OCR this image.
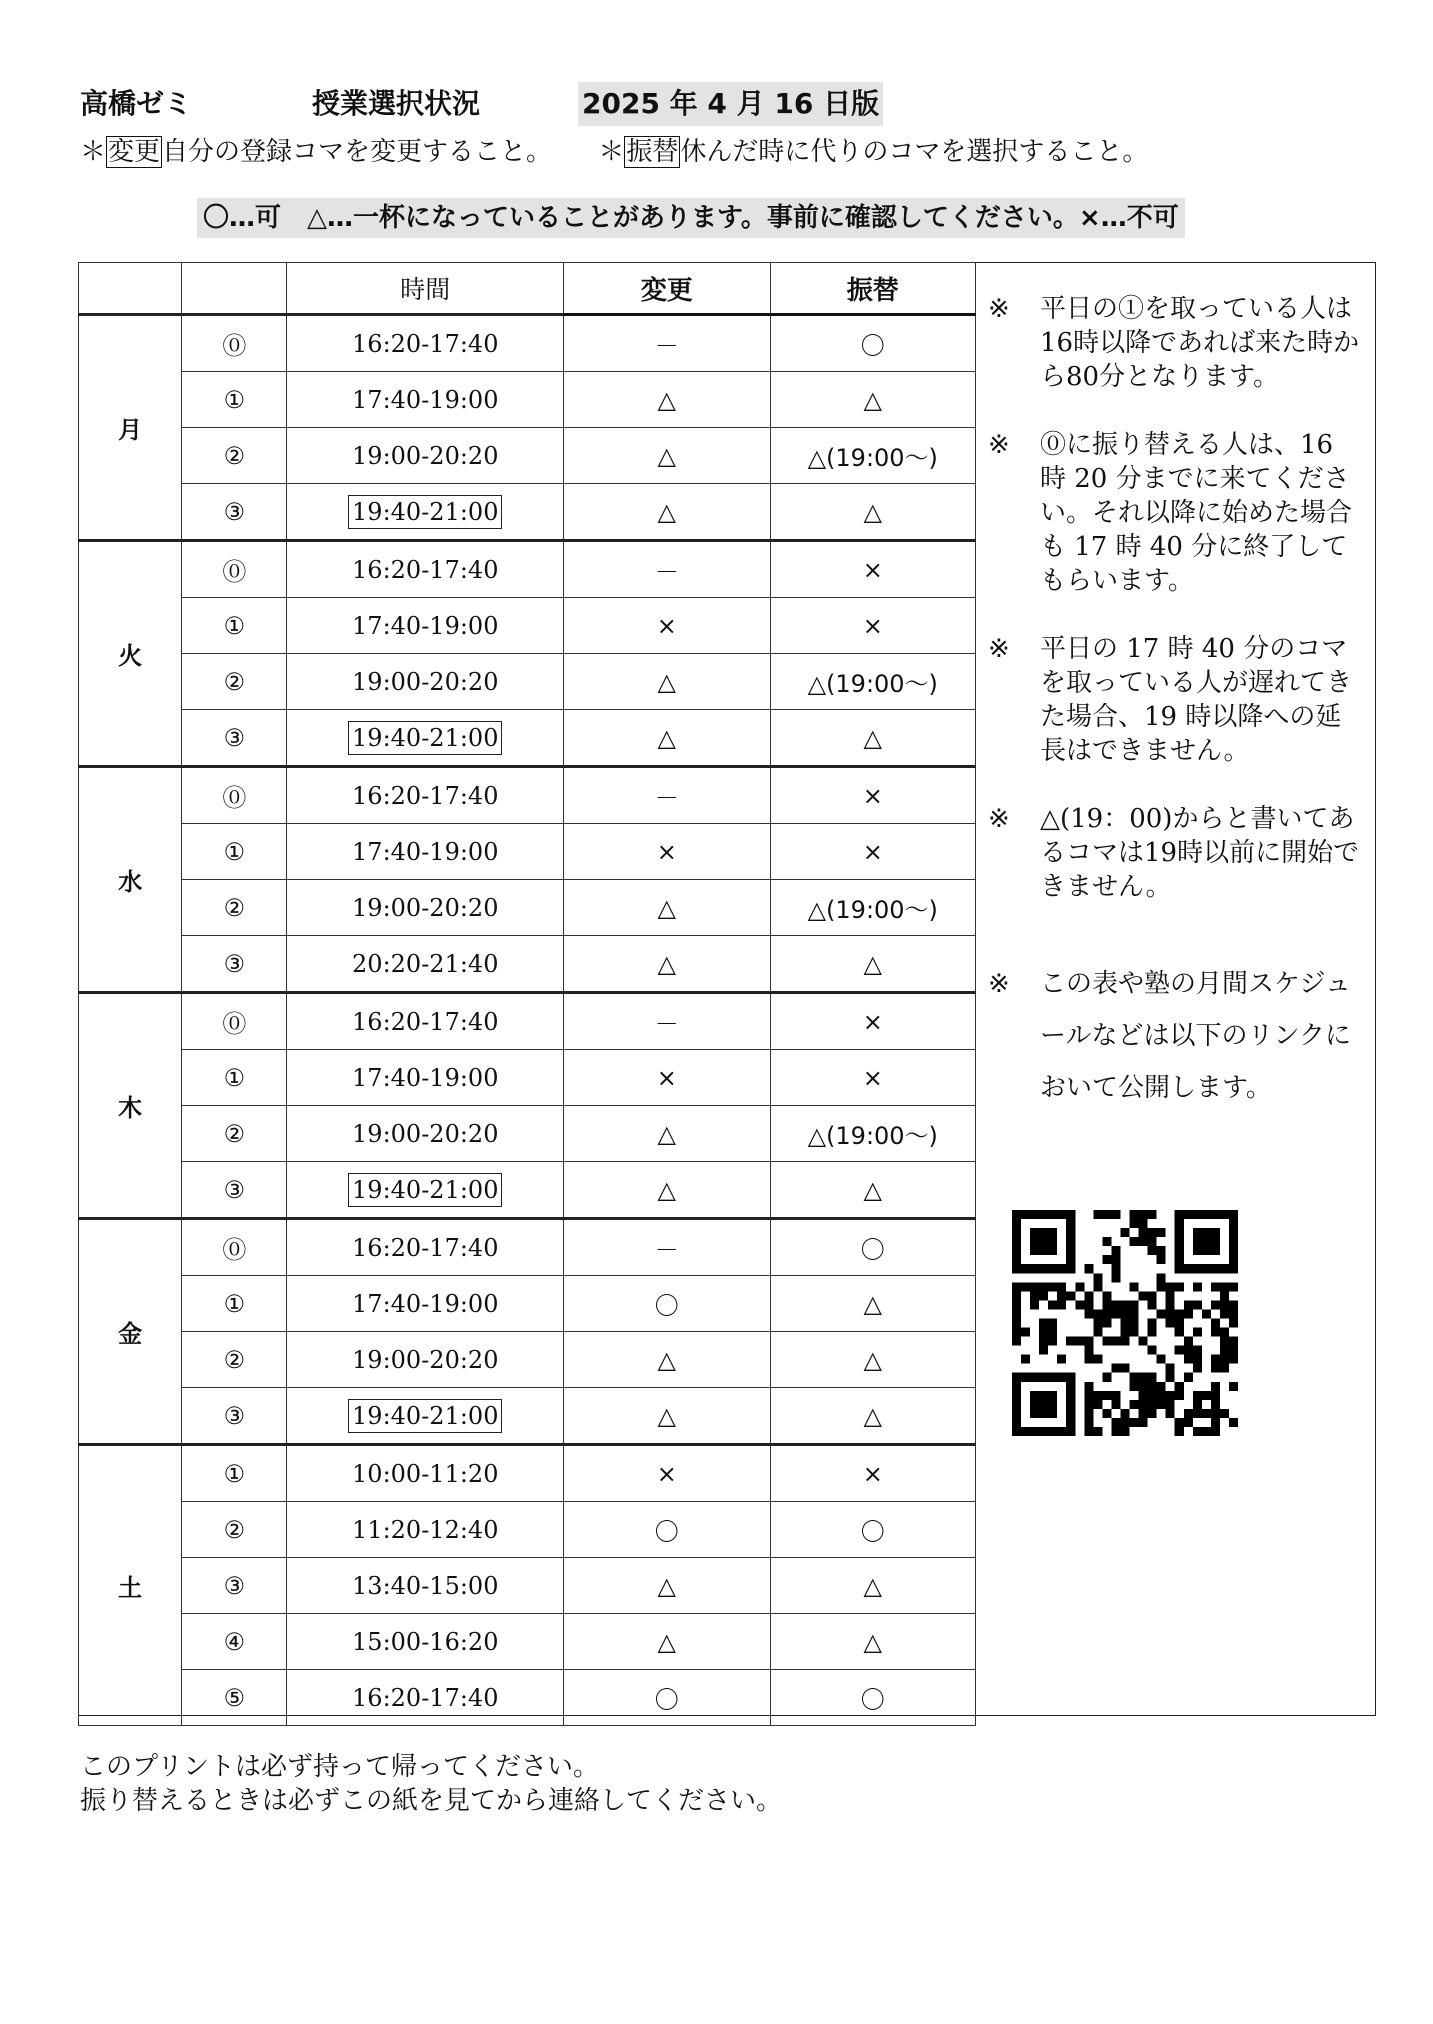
高橋ゼミ	授業選択状況	2025 年 4 月 16 日版
＊変更自分の登録コマを変更すること。 ＊振替休んだ時に代りのコマを選択すること。
〇…可　△…一杯になっていることがあります。事前に確認してください。×…不可
		時間	変更	振替
月	⓪	16:20-17:40	－	〇
	①	17:40-19:00	△	△
	②	19:00-20:20	△	△(19:00～)
	③	19:40-21:00	△	△
火	⓪	16:20-17:40	－	×
	①	17:40-19:00	×	×
	②	19:00-20:20	△	△(19:00～)
	③	19:40-21:00	△	△
水	⓪	16:20-17:40	－	×
	①	17:40-19:00	×	×
	②	19:00-20:20	△	△(19:00～)
	③	20:20-21:40	△	△
木	⓪	16:20-17:40	－	×
	①	17:40-19:00	×	×
	②	19:00-20:20	△	△(19:00～)
	③	19:40-21:00	△	△
金	⓪	16:20-17:40	－	〇
	①	17:40-19:00	〇	△
	②	19:00-20:20	△	△
	③	19:40-21:00	△	△
土	①	10:00-11:20	×	×
	②	11:20-12:40	〇	〇
	③	13:40-15:00	△	△
	④	15:00-16:20	△	△
	⑤	16:20-17:40	〇	〇
※	平日の①を取っている人は16時以降であれば来た時から80分となります。
※	⓪に振り替える人は、16 時 20 分までに来てください。それ以降に始めた場合も 17 時 40 分に終了してもらいます。
※	平日の 17 時 40 分のコマを取っている人が遅れてきた場合、19 時以降への延長はできません。
※	△(19：00)からと書いてあるコマは19時以前に開始できません。
※	この表や塾の月間スケジュールなどは以下のリンクにおいて公開します。
このプリントは必ず持って帰ってください。
振り替えるときは必ずこの紙を見てから連絡してください。
